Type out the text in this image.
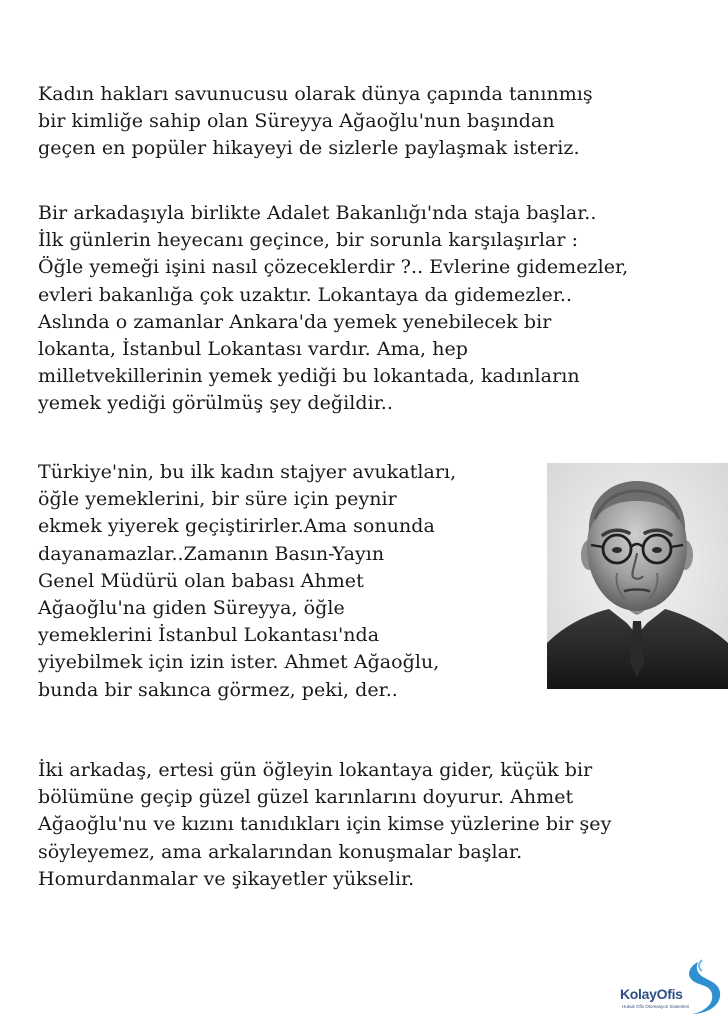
Kadın hakları savunucusu olarak dünya çapında tanınmış
bir kimliğe sahip olan Süreyya Ağaoğlu'nun başından
geçen en popüler hikayeyi de sizlerle paylaşmak isteriz.
Bir arkadaşıyla birlikte Adalet Bakanlığı'nda staja başlar..
İlk günlerin heyecanı geçince, bir sorunla karşılaşırlar :
Öğle yemeği işini nasıl çözeceklerdir ?.. Evlerine gidemezler,
evleri bakanlığa çok uzaktır. Lokantaya da gidemezler..
Aslında o zamanlar Ankara'da yemek yenebilecek bir
lokanta, İstanbul Lokantası vardır. Ama, hep
milletvekillerinin yemek yediği bu lokantada, kadınların
yemek yediği görülmüş şey değildir..
Türkiye'nin, bu ilk kadın stajyer avukatları,
öğle yemeklerini, bir süre için peynir
ekmek yiyerek geçiştirirler.Ama sonunda
dayanamazlar..Zamanın Basın-Yayın
Genel Müdürü olan babası Ahmet
Ağaoğlu'na giden Süreyya, öğle
yemeklerini İstanbul Lokantası'nda
yiyebilmek için izin ister. Ahmet Ağaoğlu,
bunda bir sakınca görmez, peki, der..
İki arkadaş, ertesi gün öğleyin lokantaya gider, küçük bir
bölümüne geçip güzel güzel karınlarını doyurur. Ahmet
Ağaoğlu'nu ve kızını tanıdıkları için kimse yüzlerine bir şey
söyleyemez, ama arkalarından konuşmalar başlar.
Homurdanmalar ve şikayetler yükselir.
KolayOfis
Hukuk Ofis Otomasyon Sistemleri
